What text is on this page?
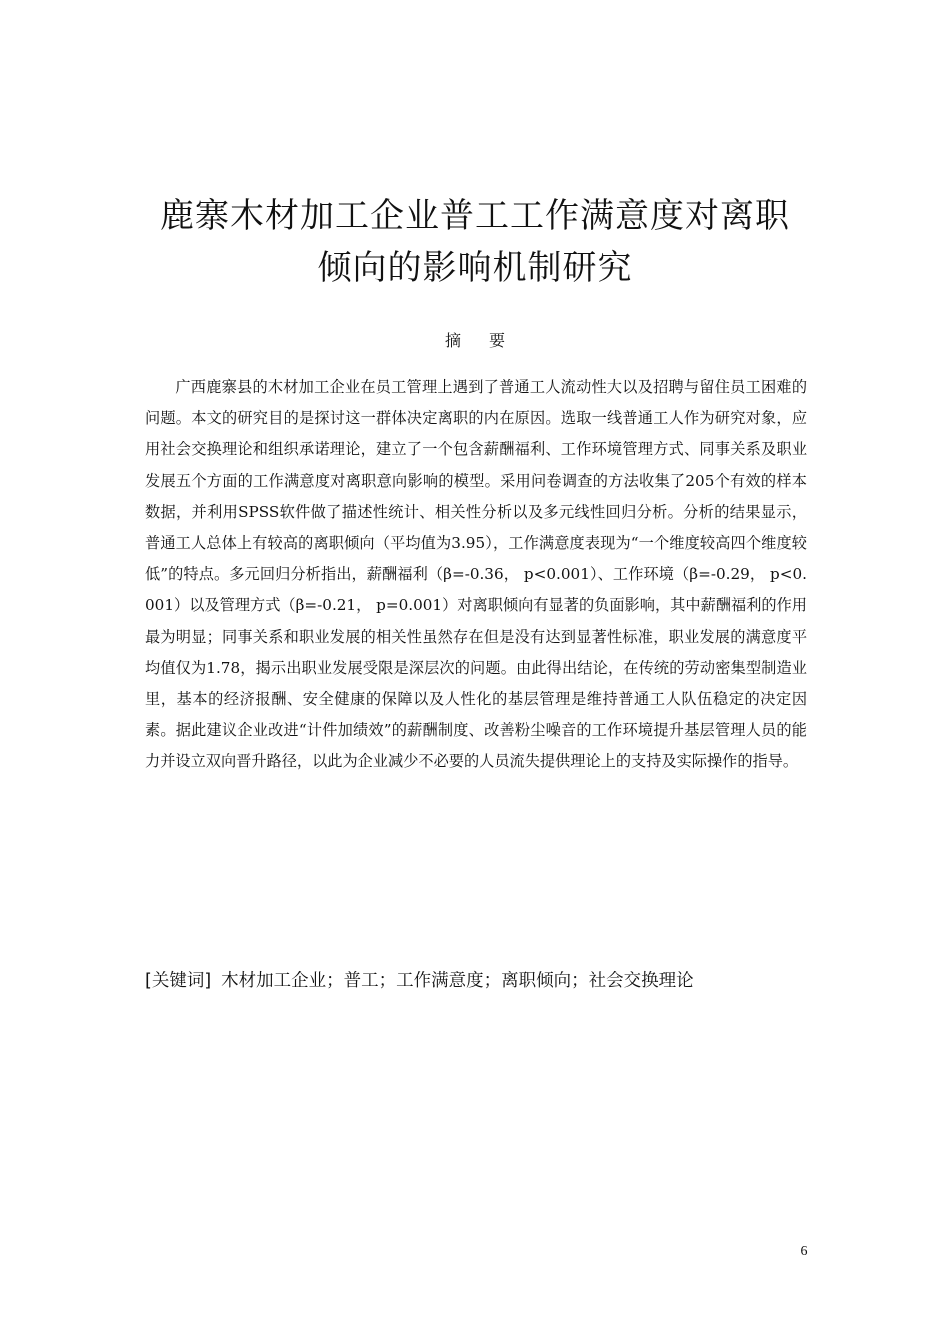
鹿寨木材加工企业普工工作满意度对离职
倾向的影响机制研究
摘要
广西鹿寨县的木材加工企业在员工管理上遇到了普通工人流动性大以及招聘与留住员工困难的问题。本文的研究目的是探讨这一群体决定离职的内在原因。选取一线普通工人作为研究对象，应用社会交换理论和组织承诺理论，建立了一个包含薪酬福利、工作环境管理方式、同事关系及职业发展五个方面的工作满意度对离职意向影响的模型。采用问卷调查的方法收集了205个有效的样本数据，并利用SPSS软件做了描述性统计、相关性分析以及多元线性回归分析。分析的结果显示，普通工人总体上有较高的离职倾向（平均值为3.95），工作满意度表现为“一个维度较高四个维度较低”的特点。多元回归分析指出，薪酬福利（β=-0.36， p<0.001）、工作环境（β=-0.29， p<0.001）以及管理方式（β=-0.21， p=0.001）对离职倾向有显著的负面影响，其中薪酬福利的作用最为明显；同事关系和职业发展的相关性虽然存在但是没有达到显著性标准，职业发展的满意度平均值仅为1.78，揭示出职业发展受限是深层次的问题。由此得出结论，在传统的劳动密集型制造业里，基本的经济报酬、安全健康的保障以及人性化的基层管理是维持普通工人队伍稳定的决定因素。据此建议企业改进“计件加绩效”的薪酬制度、改善粉尘噪音的工作环境提升基层管理人员的能力并设立双向晋升路径，以此为企业减少不必要的人员流失提供理论上的支持及实际操作的指导。
[关键词] 木材加工企业；普工；工作满意度；离职倾向；社会交换理论
6
